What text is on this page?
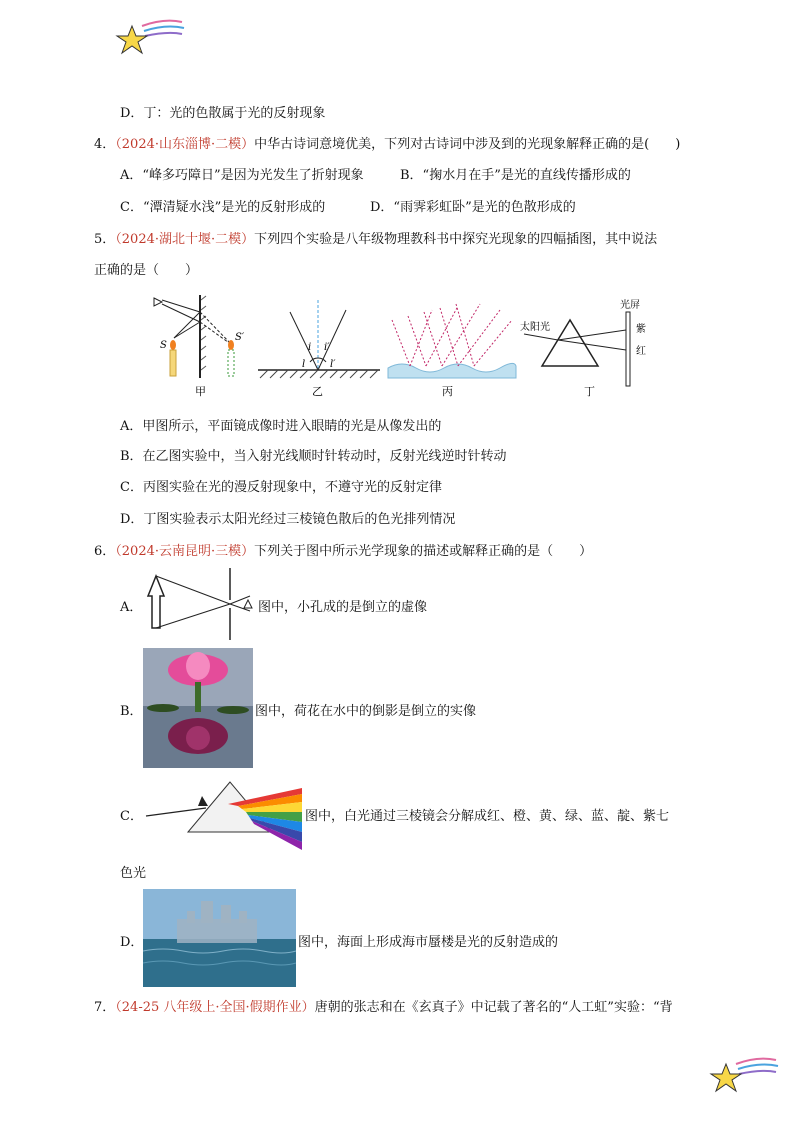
D．丁：光的色散属于光的反射现象
4．（2024·山东淄博·二模）中华古诗词意境优美，下列对古诗词中涉及到的光现象解释正确的是(　　)
A．“峰多巧障日”是因为光发生了折射现象	B．“掬水月在手”是光的直线传播形成的
C．“潭清疑水浅”是光的反射形成的	D．“雨霁彩虹卧”是光的色散形成的
5．（2024·湖北十堰·二模）下列四个实验是八年级物理教科书中探究光现象的四幅插图，其中说法
正确的是（　　）
S
S′
甲
i i′
l l′
乙	丙
太阳光
光屏
紫
红
丁
A．甲图所示，平面镜成像时进入眼睛的光是从像发出的
B．在乙图实验中，当入射光线顺时针转动时，反射光线逆时针转动
C．丙图实验在光的漫反射现象中，不遵守光的反射定律
D．丁图实验表示太阳光经过三棱镜色散后的色光排列情况
6．（2024·云南昆明·三模）下列关于图中所示光学现象的描述或解释正确的是（　　）
A．	图中，小孔成的是倒立的虚像
B．	图中，荷花在水中的倒影是倒立的实像
C．	图中，白光通过三棱镜会分解成红、橙、黄、绿、蓝、靛、紫七
色光
D．	图中，海面上形成海市蜃楼是光的反射造成的
7．（24-25 八年级上·全国·假期作业）唐朝的张志和在《玄真子》中记载了著名的“人工虹”实验：“背
